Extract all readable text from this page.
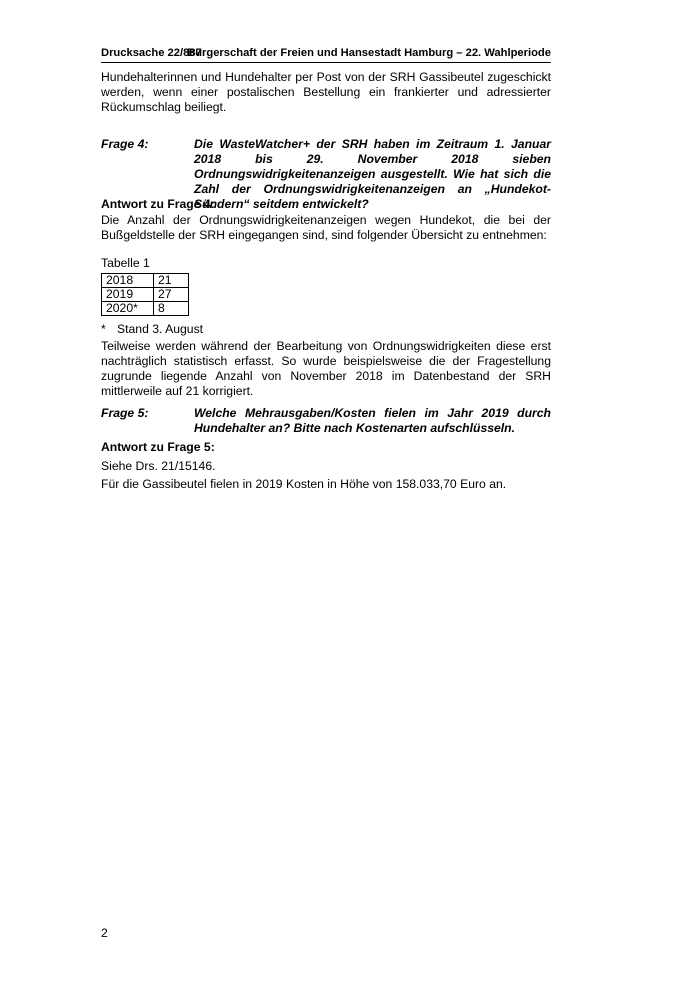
Drucksache 22/887
Bürgerschaft der Freien und Hansestadt Hamburg – 22. Wahlperiode
Hundehalterinnen und Hundehalter per Post von der SRH Gassibeutel zugeschickt werden, wenn einer postalischen Bestellung ein frankierter und adressierter Rückumschlag beiliegt.
Frage 4:	Die WasteWatcher+ der SRH haben im Zeitraum 1. Januar 2018 bis 29. November 2018 sieben Ordnungswidrigkeitenanzeigen ausgestellt. Wie hat sich die Zahl der Ordnungswidrigkeitenanzeigen an „Hundekot-Sündern“ seitdem entwickelt?
Antwort zu Frage 4:
Die Anzahl der Ordnungswidrigkeitenanzeigen wegen Hundekot, die bei der Bußgeldstelle der SRH eingegangen sind, sind folgender Übersicht zu entnehmen:
Tabelle 1
2018	21
2019	27
2020*	8
* Stand 3. August
Teilweise werden während der Bearbeitung von Ordnungswidrigkeiten diese erst nachträglich statistisch erfasst. So wurde beispielsweise die der Fragestellung zugrunde liegende Anzahl von November 2018 im Datenbestand der SRH mittlerweile auf 21 korrigiert.
Frage 5:	Welche Mehrausgaben/Kosten fielen im Jahr 2019 durch Hundehalter an? Bitte nach Kostenarten aufschlüsseln.
Antwort zu Frage 5:
Siehe Drs. 21/15146.
Für die Gassibeutel fielen in 2019 Kosten in Höhe von 158.033,70 Euro an.
2
